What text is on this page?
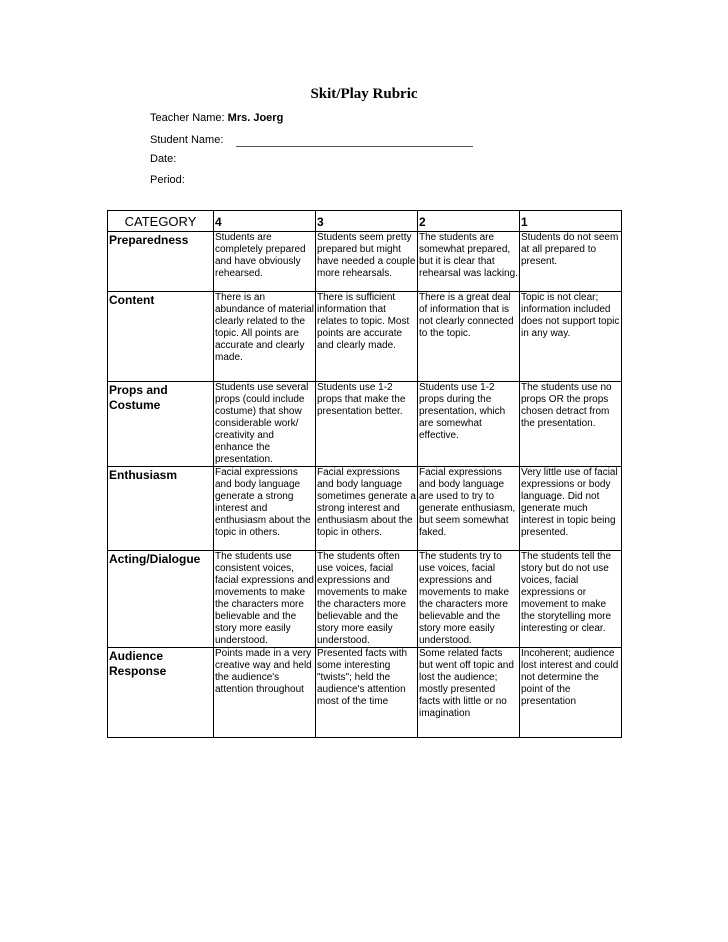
Skit/Play Rubric
Teacher Name: Mrs. Joerg
Student Name:
Date:
Period:
CATEGORY	4	3	2	1
Preparedness	Students are completely prepared and have obviously rehearsed.	Students seem pretty prepared but might have needed a couple more rehearsals.	The students are somewhat prepared, but it is clear that rehearsal was lacking.	Students do not seem at all prepared to present.
Content	There is an abundance of material clearly related to the topic. All points are accurate and clearly made.	There is sufficient information that relates to topic. Most points are accurate and clearly made.	There is a great deal of information that is not clearly connected to the topic.	Topic is not clear; information included does not support topic in any way.
Props and Costume	Students use several props (could include costume) that show considerable work/ creativity and enhance the presentation.	Students use 1-2 props that make the presentation better.	Students use 1-2 props during the presentation, which are somewhat effective.	The students use no props OR the props chosen detract from the presentation.
Enthusiasm	Facial expressions and body language generate a strong interest and enthusiasm about the topic in others.	Facial expressions and body language sometimes generate a strong interest and enthusiasm about the topic in others.	Facial expressions and body language are used to try to generate enthusiasm, but seem somewhat faked.	Very little use of facial expressions or body language. Did not generate much interest in topic being presented.
Acting/Dialogue	The students use consistent voices, facial expressions and movements to make the characters more believable and the story more easily understood.	The students often use voices, facial expressions and movements to make the characters more believable and the story more easily understood.	The students try to use voices, facial expressions and movements to make the characters more believable and the story more easily understood.	The students tell the story but do not use voices, facial expressions or movement to make the storytelling more interesting or clear.
Audience Response	Points made in a very creative way and held the audience's attention throughout	Presented facts with some interesting "twists"; held the audience's attention most of the time	Some related facts but went off topic and lost the audience; mostly presented facts with little or no imagination	Incoherent; audience lost interest and could not determine the point of the presentation
